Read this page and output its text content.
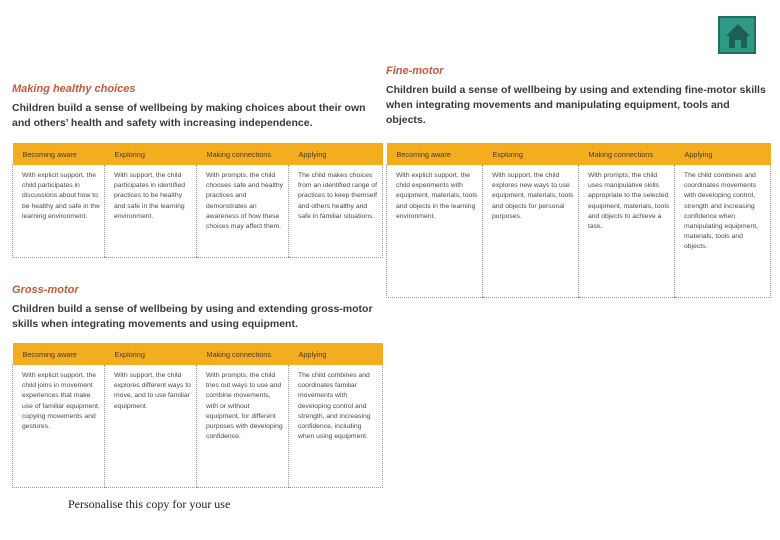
Making healthy choices

Children build a sense of wellbeing by making choices about their own and others’ health and safety with increasing independence.

Becoming aware	Exploring	Making connections	Applying
With explicit support, the child participates in discussions about how to be healthy and safe in the learning environment.	With support, the child participates in identified practices to be healthy and safe in the learning environment.	With prompts, the child chooses safe and healthy practices and demonstrates an awareness of how these choices may affect them.	The child makes choices from an identified range of practices to keep themself and others healthy and safe in familiar situations.

Fine-motor

Children build a sense of wellbeing by using and extending fine-motor skills when integrating movements and manipulating equipment, tools and objects.

Becoming aware	Exploring	Making connections	Applying
With explicit support, the child experiments with equipment, materials, tools and objects in the learning environment.	With support, the child explores new ways to use equipment, materials, tools and objects for personal purposes.	With prompts, the child uses manipulative skills appropriate to the selected equipment, materials, tools and objects to achieve a task.	The child combines and coordinates movements with developing control, strength and increasing confidence when manipulating equipment, materials, tools and objects.

Gross-motor

Children build a sense of wellbeing by using and extending gross-motor skills when integrating movements and using equipment.

Becoming aware	Exploring	Making connections	Applying
With explicit support, the child joins in movement experiences that make use of familiar equipment, copying movements and gestures.	With support, the child explores different ways to move, and to use familiar equipment.	With prompts, the child tries out ways to use and combine movements, with or without equipment, for different purposes with developing confidence.	The child combines and coordinates familiar movements with developing control and strength, and increasing confidence, including when using equipment.
Personalise this copy for your use
